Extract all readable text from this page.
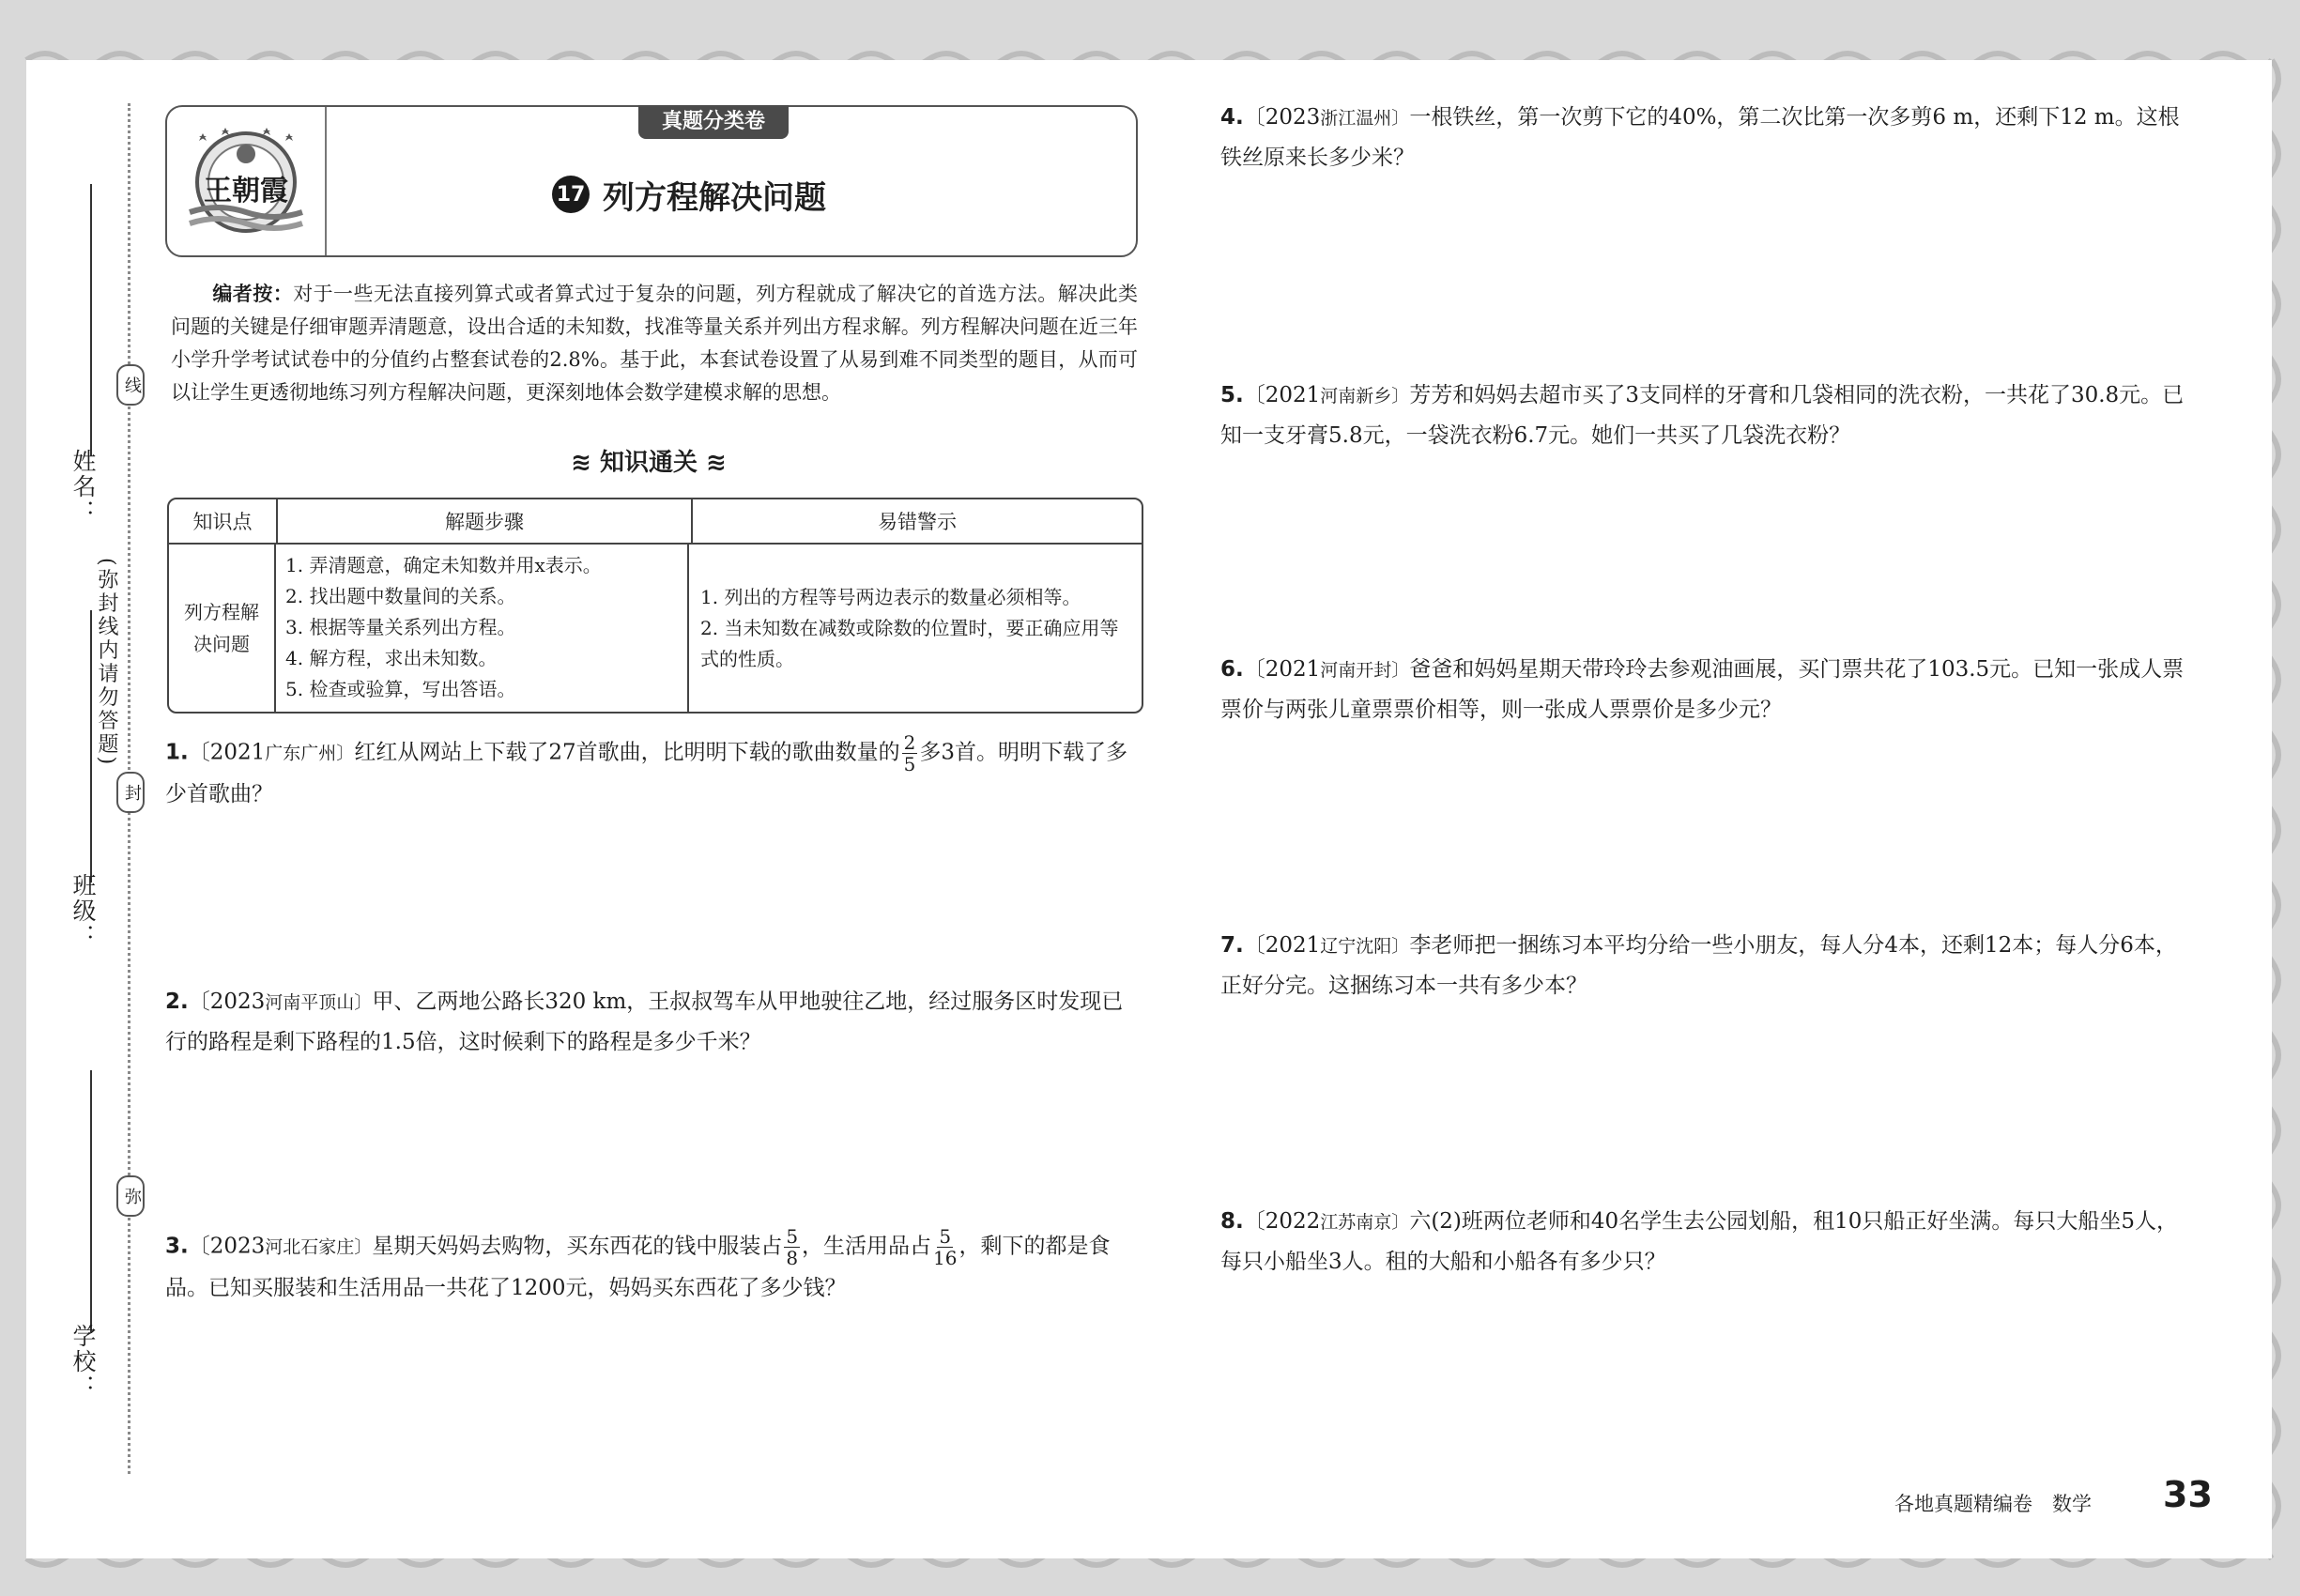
姓名：
班级：
学校：
线
封
弥
(弥封线内请勿答题)
王朝霞
真题分类卷
17 列方程解决问题
编者按：对于一些无法直接列算式或者算式过于复杂的问题，列方程就成了解决它的首选方法。解决此类问题的关键是仔细审题弄清题意，设出合适的未知数，找准等量关系并列出方程求解。列方程解决问题在近三年小学升学考试试卷中的分值约占整套试卷的2.8%。基于此，本套试卷设置了从易到难不同类型的题目，从而可以让学生更透彻地练习列方程解决问题，更深刻地体会数学建模求解的思想。
≋ 知识通关 ≋
知识点	解题步骤	易错警示
列方程解决问题
1. 弄清题意，确定未知数并用x表示。
2. 找出题中数量间的关系。
3. 根据等量关系列出方程。
4. 解方程，求出未知数。
5. 检查或验算，写出答语。
1. 列出的方程等号两边表示的数量必须相等。
2. 当未知数在减数或除数的位置时，要正确应用等式的性质。
1.〔2021广东广州〕红红从网站上下载了27首歌曲，比明明下载的歌曲数量的 $\frac{2}{5}$ 多3首。明明下载了多少首歌曲？
2.〔2023河南平顶山〕甲、乙两地公路长320 km，王叔叔驾车从甲地驶往乙地，经过服务区时发现已行的路程是剩下路程的1.5倍，这时候剩下的路程是多少千米？
3.〔2023河北石家庄〕星期天妈妈去购物，买东西花的钱中服装占 $\frac{5}{8}$ ，生活用品占 $\frac{5}{16}$ ，剩下的都是食品。已知买服装和生活用品一共花了1200元，妈妈买东西花了多少钱？
4.〔2023浙江温州〕一根铁丝，第一次剪下它的40%，第二次比第一次多剪6 m，还剩下12 m。这根铁丝原来长多少米？
5.〔2021河南新乡〕芳芳和妈妈去超市买了3支同样的牙膏和几袋相同的洗衣粉，一共花了30.8元。已知一支牙膏5.8元，一袋洗衣粉6.7元。她们一共买了几袋洗衣粉？
6.〔2021河南开封〕爸爸和妈妈星期天带玲玲去参观油画展，买门票共花了103.5元。已知一张成人票票价与两张儿童票票价相等，则一张成人票票价是多少元？
7.〔2021辽宁沈阳〕李老师把一捆练习本平均分给一些小朋友，每人分4本，还剩12本；每人分6本，正好分完。这捆练习本一共有多少本？
8.〔2022江苏南京〕六(2)班两位老师和40名学生去公园划船，租10只船正好坐满。每只大船坐5人，每只小船坐3人。租的大船和小船各有多少只？
各地真题精编卷　数学 33
